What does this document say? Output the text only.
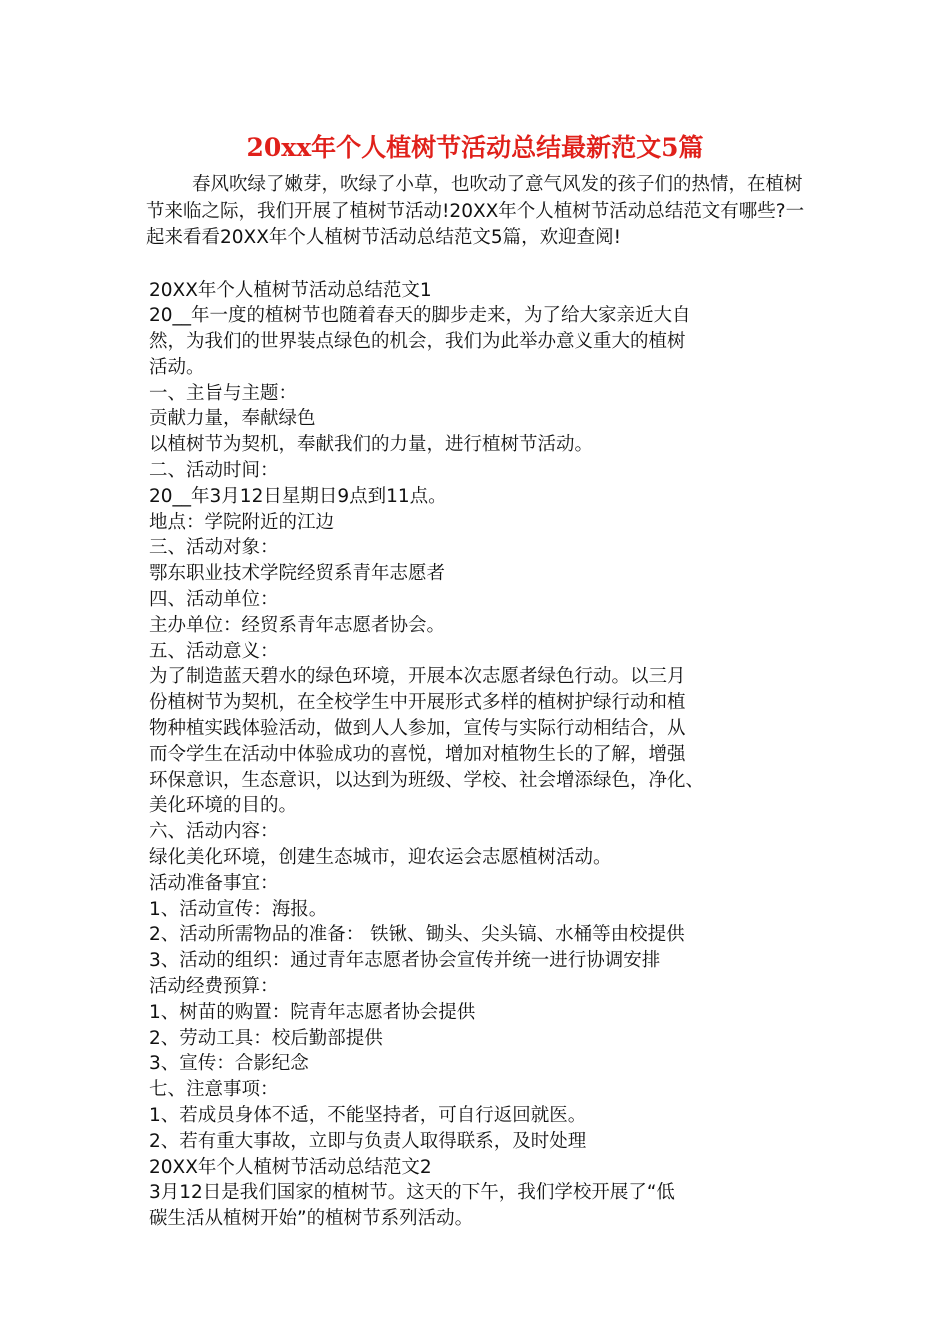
20xx年个人植树节活动总结最新范文5篇

春风吹绿了嫩芽，吹绿了小草，也吹动了意气风发的孩子们的热情，在植树节来临之际，我们开展了植树节活动!20XX年个人植树节活动总结范文有哪些?一起来看看20XX年个人植树节活动总结范文5篇，欢迎查阅!

20XX年个人植树节活动总结范文1
20__年一度的植树节也随着春天的脚步走来，为了给大家亲近大自
然，为我们的世界装点绿色的机会，我们为此举办意义重大的植树
活动。
一、主旨与主题：
贡献力量，奉献绿色
以植树节为契机，奉献我们的力量，进行植树节活动。
二、活动时间：
20__年3月12日星期日9点到11点。
地点：学院附近的江边
三、活动对象：
鄂东职业技术学院经贸系青年志愿者
四、活动单位：
主办单位：经贸系青年志愿者协会。
五、活动意义：
为了制造蓝天碧水的绿色环境，开展本次志愿者绿色行动。以三月
份植树节为契机，在全校学生中开展形式多样的植树护绿行动和植
物种植实践体验活动，做到人人参加，宣传与实际行动相结合，从
而令学生在活动中体验成功的喜悦，增加对植物生长的了解，增强
环保意识，生态意识，以达到为班级、学校、社会增添绿色，净化、
美化环境的目的。
六、活动内容：
绿化美化环境，创建生态城市，迎农运会志愿植树活动。
活动准备事宜：
1、活动宣传：海报。
2、活动所需物品的准备： 铁锹、锄头、尖头镐、水桶等由校提供
3、活动的组织：通过青年志愿者协会宣传并统一进行协调安排
活动经费预算：
1、树苗的购置：院青年志愿者协会提供
2、劳动工具：校后勤部提供
3、宣传：合影纪念
七、注意事项：
1、若成员身体不适，不能坚持者，可自行返回就医。
2、若有重大事故，立即与负责人取得联系，及时处理
20XX年个人植树节活动总结范文2
3月12日是我们国家的植树节。这天的下午，我们学校开展了“低
碳生活从植树开始”的植树节系列活动。
